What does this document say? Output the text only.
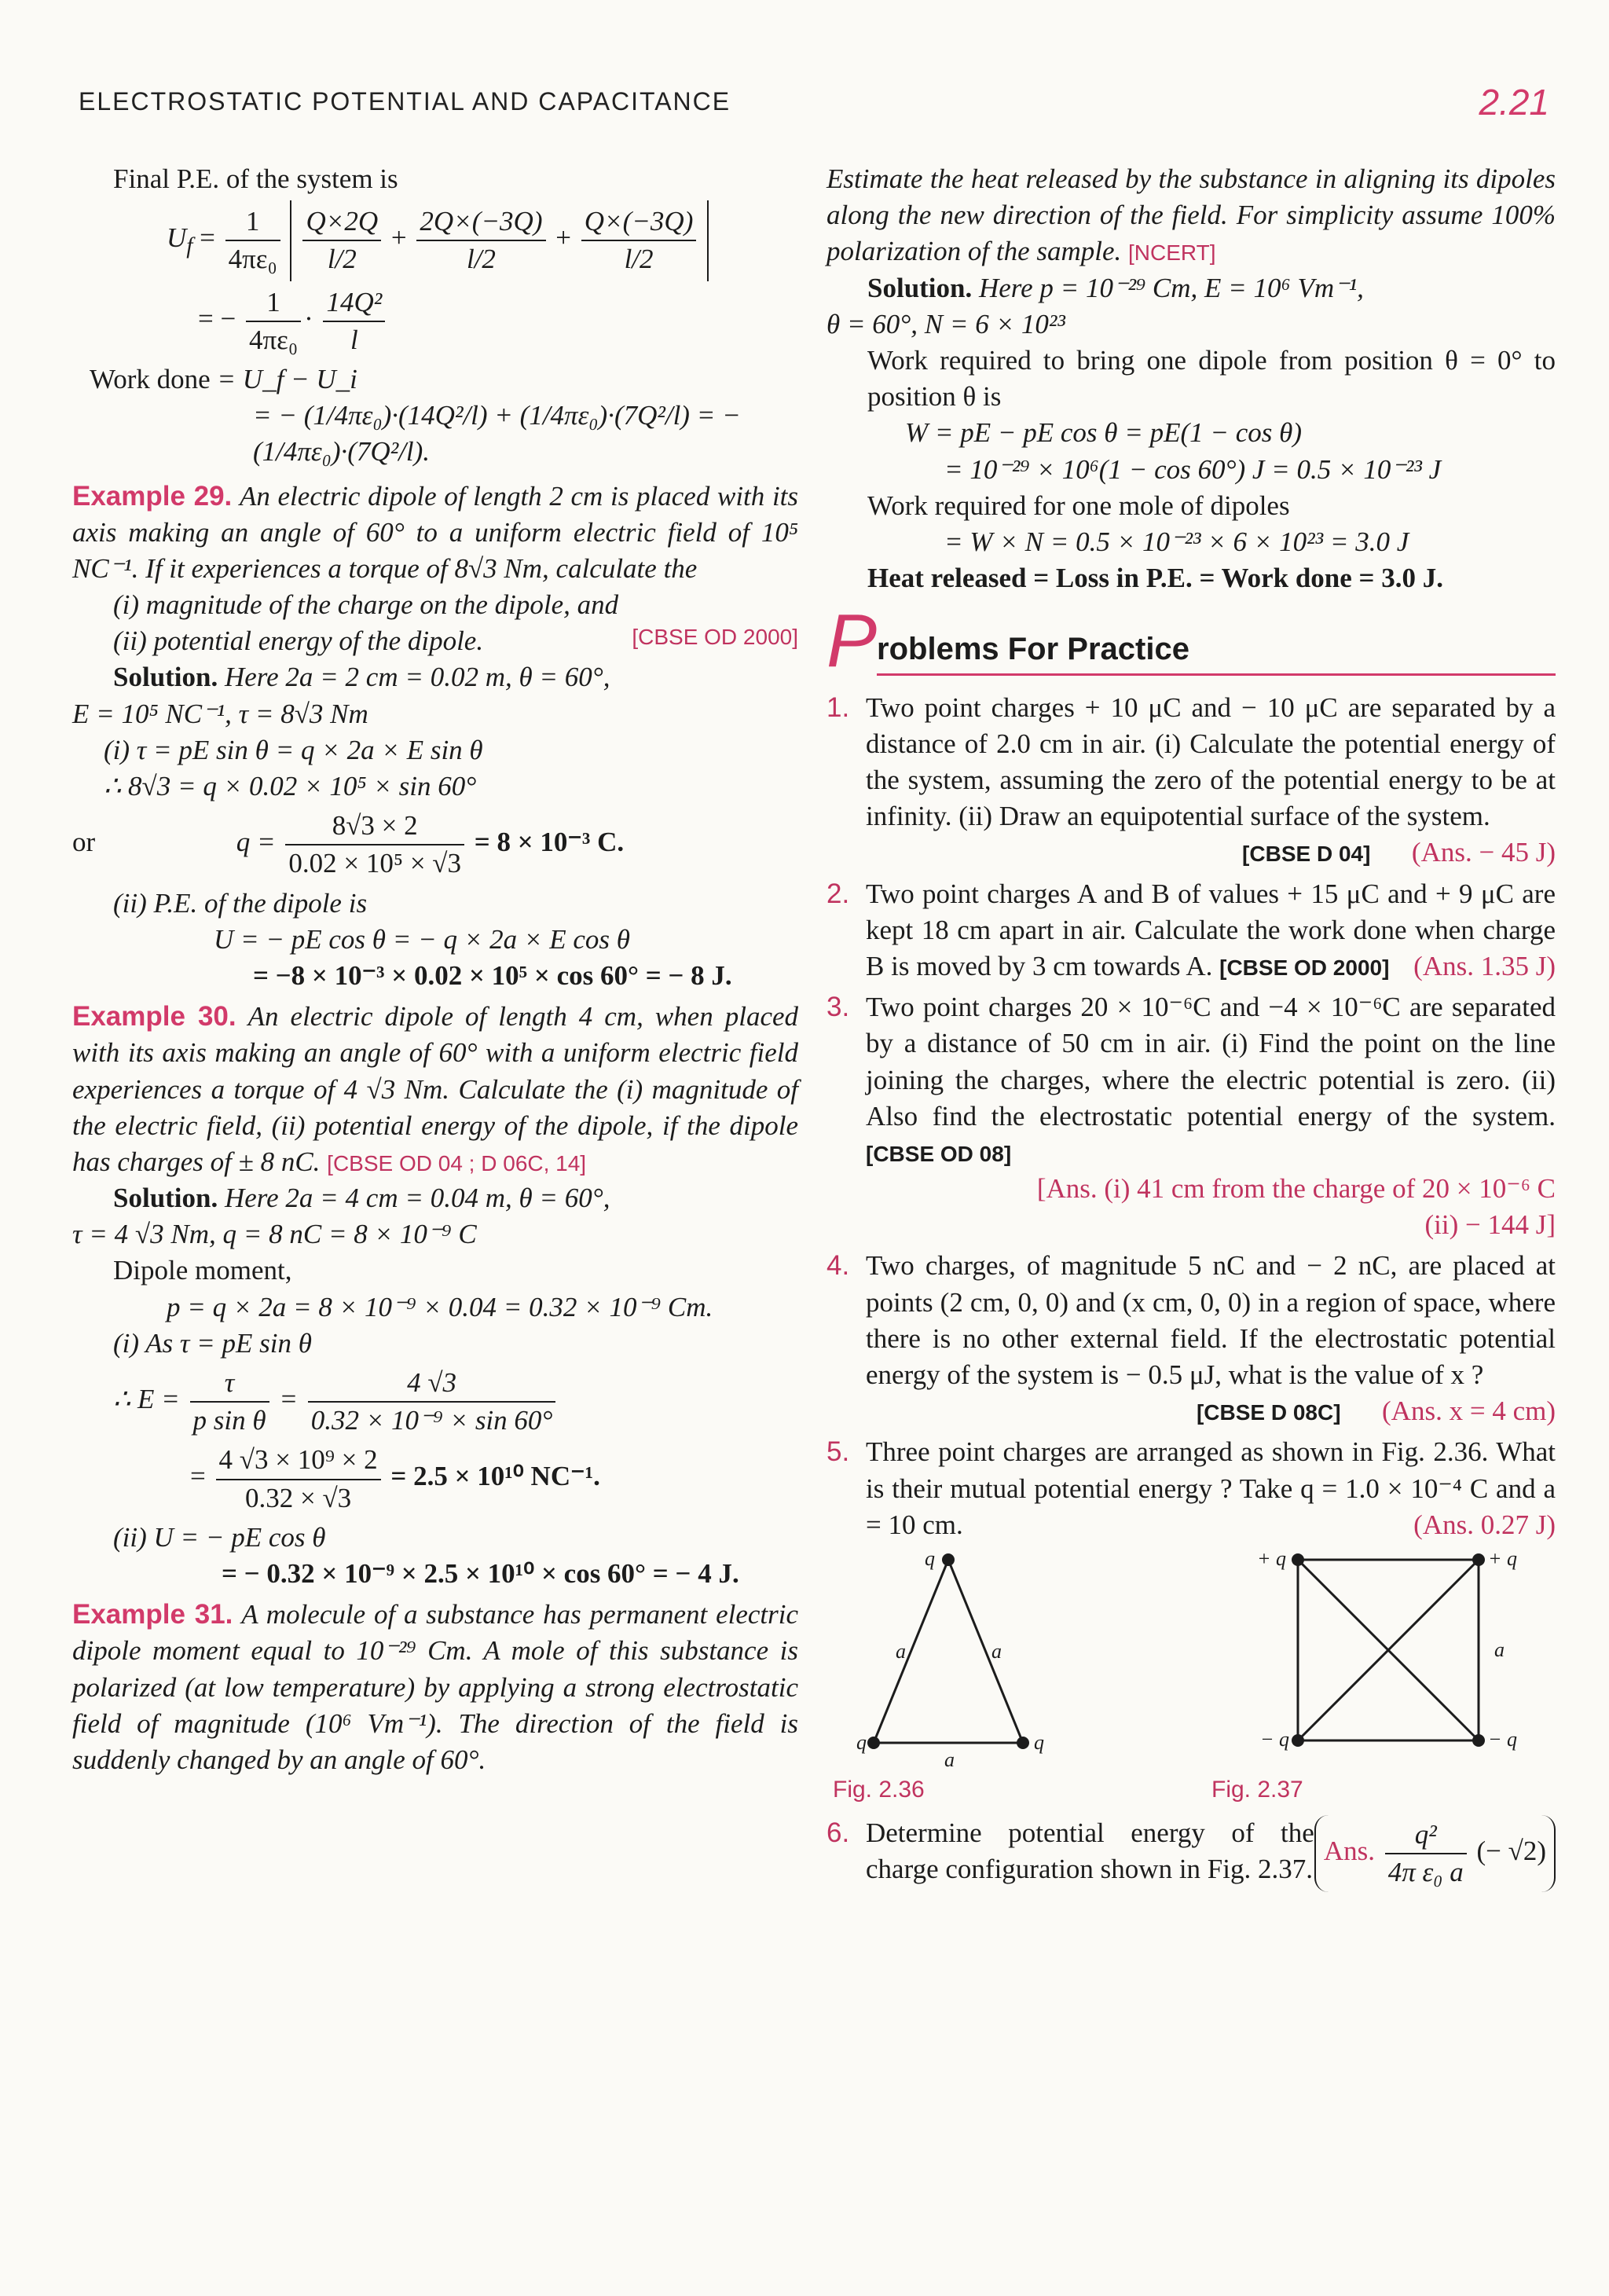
ELECTROSTATIC POTENTIAL AND CAPACITANCE	2.21

Final P.E. of the system is

$U_f = \frac{1}{\text{4πε₀}}$
$\frac{Q\times 2Q}{l/2} + \frac{2Q\times(-3Q)}{l/2} + \frac{Q\times(-3Q)}{l/2}$
= − $\frac{1}{\text{4πε₀}} \cdot \frac{\text{14Q²}}{l}$

Work done = U_f − U_i

= − (1/4πε₀)·(14Q²/l) + (1/4πε₀)·(7Q²/l) = − (1/4πε₀)·(7Q²/l).

Example 29. An electric dipole of length 2 cm is placed with its axis making an angle of 60° to a uniform electric field of 10⁵ NC⁻¹. If it experiences a torque of 8√3 Nm, calculate the

(i) magnitude of the charge on the dipole, and

(ii) potential energy of the dipole.	[CBSE OD 2000]

Solution. Here 2a = 2 cm = 0.02 m, θ = 60°,

E = 10⁵ NC⁻¹, τ = 8√3 Nm

(i) τ = pE sin θ = q × 2a × E sin θ

∴ 8√3 = q × 0.02 × 10⁵ × sin 60°

or	$q = \frac{8√3 \times 2}{\text{0.02 × 10⁵ × √3}} = 8 \times 10^{-3}$ C.

(ii) P.E. of the dipole is

U = − pE cos θ = − q × 2a × E cos θ

= −8 × 10⁻³ × 0.02 × 10⁵ × cos 60° = − 8 J.

Example 30. An electric dipole of length 4 cm, when placed with its axis making an angle of 60° with a uniform electric field experiences a torque of 4 √3 Nm. Calculate the (i) magnitude of the electric field, (ii) potential energy of the dipole, if the dipole has charges of ± 8 nC. [CBSE OD 04 ; D 06C, 14]

Solution. Here 2a = 4 cm = 0.04 m, θ = 60°,

τ = 4 √3 Nm, q = 8 nC = 8 × 10⁻⁹ C

Dipole moment,

p = q × 2a = 8 × 10⁻⁹ × 0.04 = 0.32 × 10⁻⁹ Cm.

(i) As τ = pE sin θ

∴ $E = \frac{\tau}{\text{p sin θ}} = \frac{4 √3}{\text{0.32 × 10⁻⁹ × sin 60°}}$
= $\frac{\text{4 √3 × 10⁹ × 2}}{0.32 \times √3} = 2.5 \times 10^{10}$ NC⁻¹.

(ii) U = − pE cos θ

= − 0.32 × 10⁻⁹ × 2.5 × 10¹⁰ × cos 60° = − 4 J.

Example 31. A molecule of a substance has permanent electric dipole moment equal to 10⁻²⁹ Cm. A mole of this substance is polarized (at low temperature) by applying a strong electrostatic field of magnitude (10⁶ Vm⁻¹). The direction of the field is suddenly changed by an angle of 60°.

Estimate the heat released by the substance in aligning its dipoles along the new direction of the field. For simplicity assume 100% polarization of the sample. [NCERT]

Solution. Here p = 10⁻²⁹ Cm, E = 10⁶ Vm⁻¹,

θ = 60°, N = 6 × 10²³

Work required to bring one dipole from position θ = 0° to position θ is

W = pE − pE cos θ = pE(1 − cos θ)

= 10⁻²⁹ × 10⁶(1 − cos 60°) J = 0.5 × 10⁻²³ J

Work required for one mole of dipoles

= W × N = 0.5 × 10⁻²³ × 6 × 10²³ = 3.0 J

Heat released = Loss in P.E. = Work done = 3.0 J.

P roblems For Practice
1. Two point charges + 10 μC and − 10 μC are separated by a distance of 2.0 cm in air. (i) Calculate the potential energy of the system, assuming the zero of the potential energy to be at infinity. (ii) Draw an equipotential surface of the system.
[CBSE D 04] (Ans. − 45 J)
2. Two point charges A and B of values + 15 μC and + 9 μC are kept 18 cm apart in air. Calculate the work done when charge B is moved by 3 cm towards A. [CBSE OD 2000] (Ans. 1.35 J)
3. Two point charges 20 × 10⁻⁶C and −4 × 10⁻⁶C are separated by a distance of 50 cm in air. (i) Find the point on the line joining the charges, where the electric potential is zero. (ii) Also find the electrostatic potential energy of the system. [CBSE OD 08]
[Ans. (i) 41 cm from the charge of 20 × 10⁻⁶ C
(ii) − 144 J]
4. Two charges, of magnitude 5 nC and − 2 nC, are placed at points (2 cm, 0, 0) and (x cm, 0, 0) in a region of space, where there is no other external field. If the electrostatic potential energy of the system is − 0.5 μJ, what is the value of x ?
[CBSE D 08C] (Ans. x = 4 cm)
5. Three point charges are arranged as shown in Fig. 2.36. What is their mutual potential energy ? Take q = 1.0 × 10⁻⁴ C and a = 10 cm.	(Ans. 0.27 J)
q
q	q
a	a
a
+ q	+ q
− q	− q
a
Fig. 2.36	Fig. 2.37
6. Determine potential energy of the charge configuration shown in Fig. 2.37.
Ans. $\frac{\text{q²}}{\text{4π ε₀ a}}$ (− √2)
